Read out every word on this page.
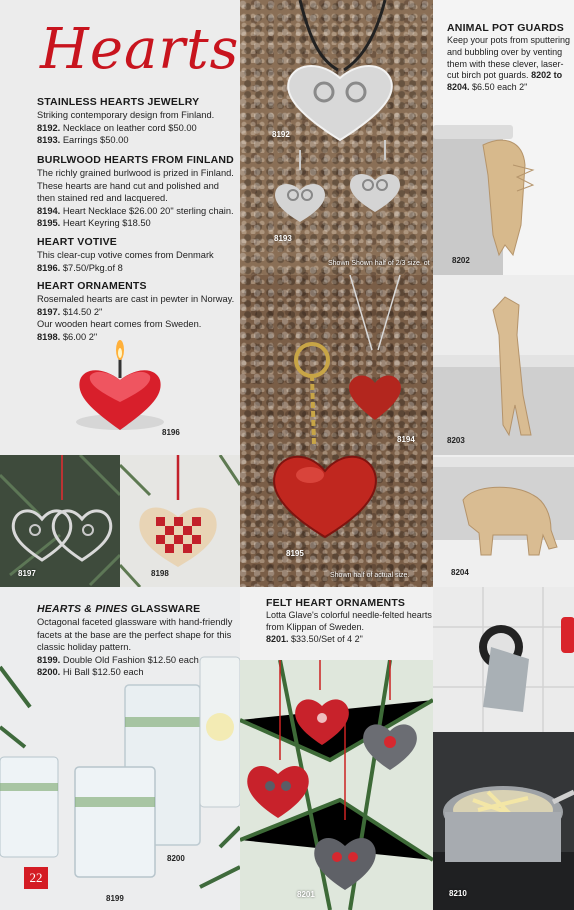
Hearts
STAINLESS HEARTS JEWELRY

Striking contemporary design from Finland.

8192. Necklace on leather cord $50.00

8193. Earrings $50.00

BURLWOOD HEARTS FROM FINLAND

The richly grained burlwood is prized in Finland. These hearts are hand cut and polished and then stained red and lacquered.

8194. Heart Necklace $26.00 20" sterling chain.

8195. Heart Keyring $18.50

HEART VOTIVE

This clear-cup votive comes from Denmark

8196. $7.50/Pkg.of 8

HEART ORNAMENTS

Rosemaled hearts are cast in pewter in Norway.

8197. $14.50 2"

Our wooden heart comes from Sweden.

8198. $6.00 2"

8196
8192
8193
Shown Shown half of 2/3 size. ot
ANIMAL POT GUARDS

Keep your pots from sputtering and bubbling over by venting them with these clever, laser-cut birch pot guards. 8202 to 8204. $6.50 each 2"

8202
8203
8194
8195
Shown half of actual size.
8197	8198	8204
HEARTS & PINES GLASSWARE

Octagonal faceted glassware with hand-friendly facets at the base are the perfect shape for this classic holiday pattern.

8199. Double Old Fashion $12.50 each

8200. Hi Ball $12.50 each

8200
8199
22
FELT HEART ORNAMENTS

Lotta Glave's colorful needle-felted hearts from Klippan of Sweden.

8201. $33.50/Set of 4 2"

8201	8210
